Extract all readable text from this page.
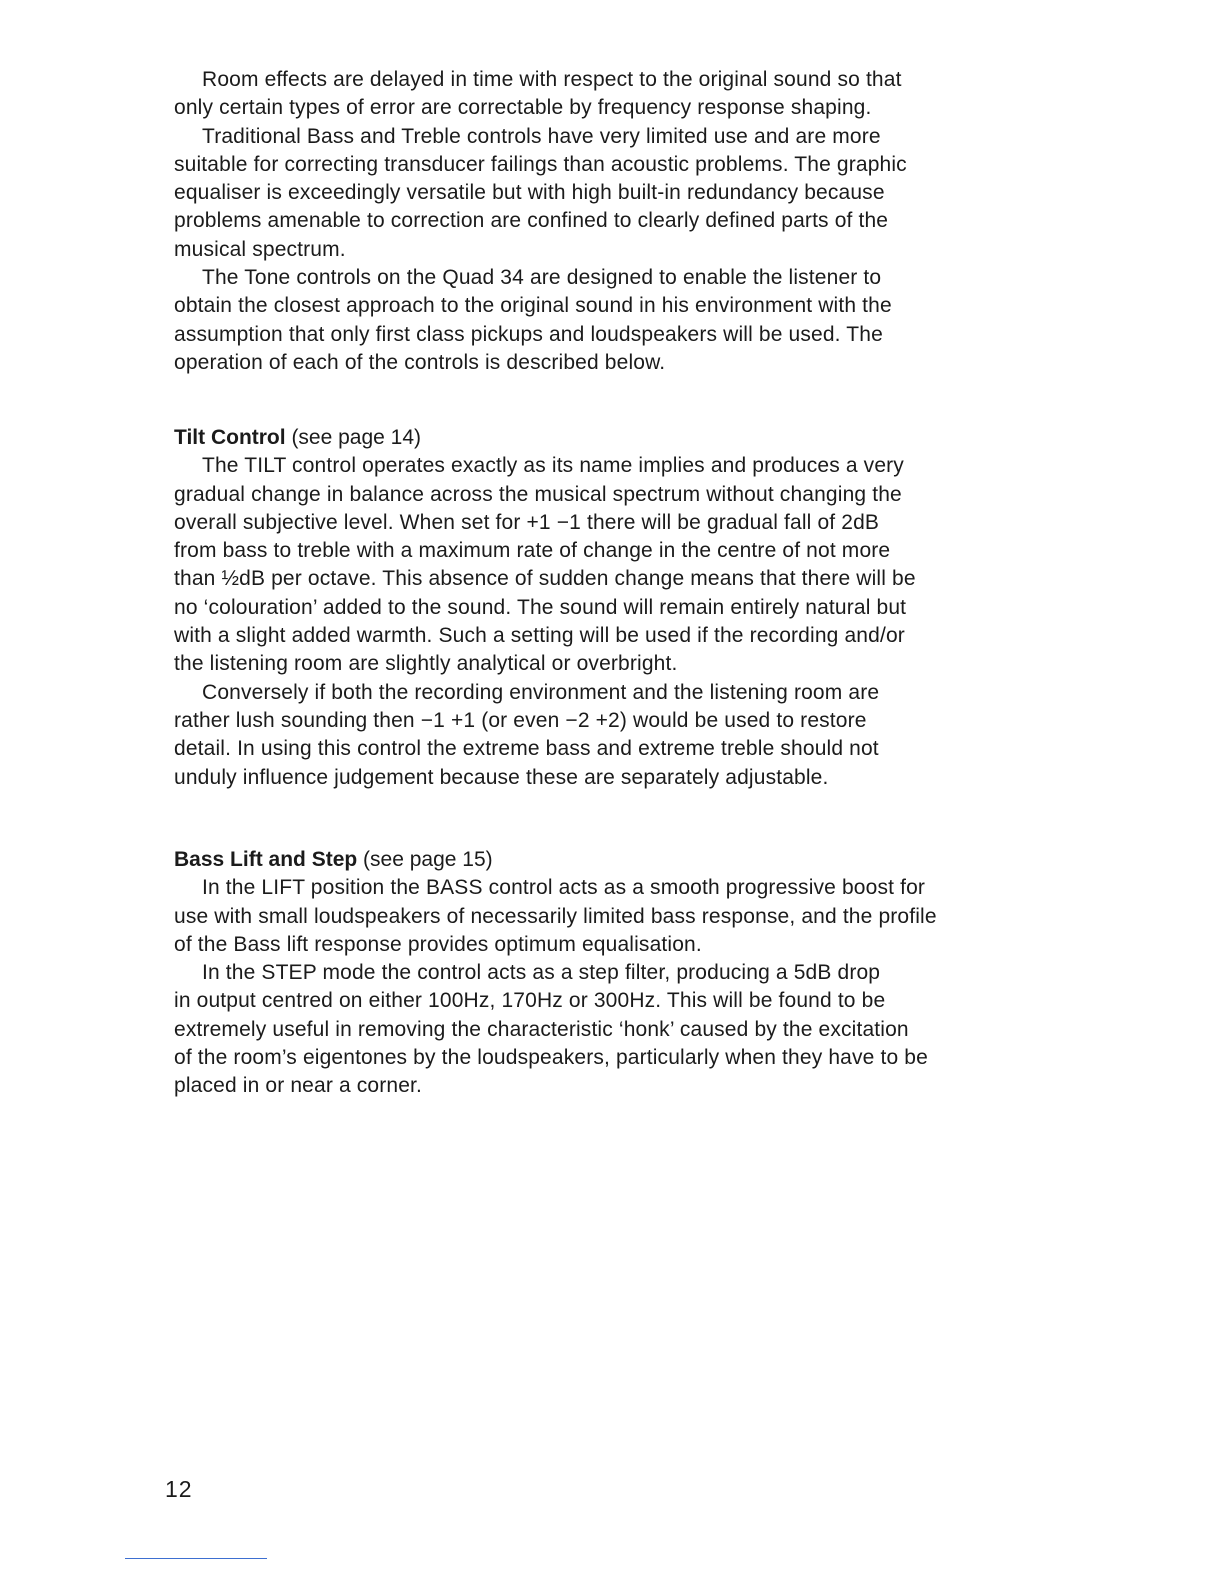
Room effects are delayed in time with respect to the original sound so that
only certain types of error are correctable by frequency response shaping.
Traditional Bass and Treble controls have very limited use and are more
suitable for correcting transducer failings than acoustic problems. The graphic
equaliser is exceedingly versatile but with high built-in redundancy because
problems amenable to correction are confined to clearly defined parts of the
musical spectrum.
The Tone controls on the Quad 34 are designed to enable the listener to
obtain the closest approach to the original sound in his environment with the
assumption that only first class pickups and loudspeakers will be used. The
operation of each of the controls is described below.
Tilt Control (see page 14)
The TILT control operates exactly as its name implies and produces a very
gradual change in balance across the musical spectrum without changing the
overall subjective level. When set for +1 −1 there will be gradual fall of 2dB
from bass to treble with a maximum rate of change in the centre of not more
than ½dB per octave. This absence of sudden change means that there will be
no ‘colouration’ added to the sound. The sound will remain entirely natural but
with a slight added warmth. Such a setting will be used if the recording and/or
the listening room are slightly analytical or overbright.
Conversely if both the recording environment and the listening room are
rather lush sounding then −1 +1 (or even −2 +2) would be used to restore
detail. In using this control the extreme bass and extreme treble should not
unduly influence judgement because these are separately adjustable.
Bass Lift and Step (see page 15)
In the LIFT position the BASS control acts as a smooth progressive boost for
use with small loudspeakers of necessarily limited bass response, and the profile
of the Bass lift response provides optimum equalisation.
In the STEP mode the control acts as a step filter, producing a 5dB drop
in output centred on either 100Hz, 170Hz or 300Hz. This will be found to be
extremely useful in removing the characteristic ‘honk’ caused by the excitation
of the room’s eigentones by the loudspeakers, particularly when they have to be
placed in or near a corner.
12
